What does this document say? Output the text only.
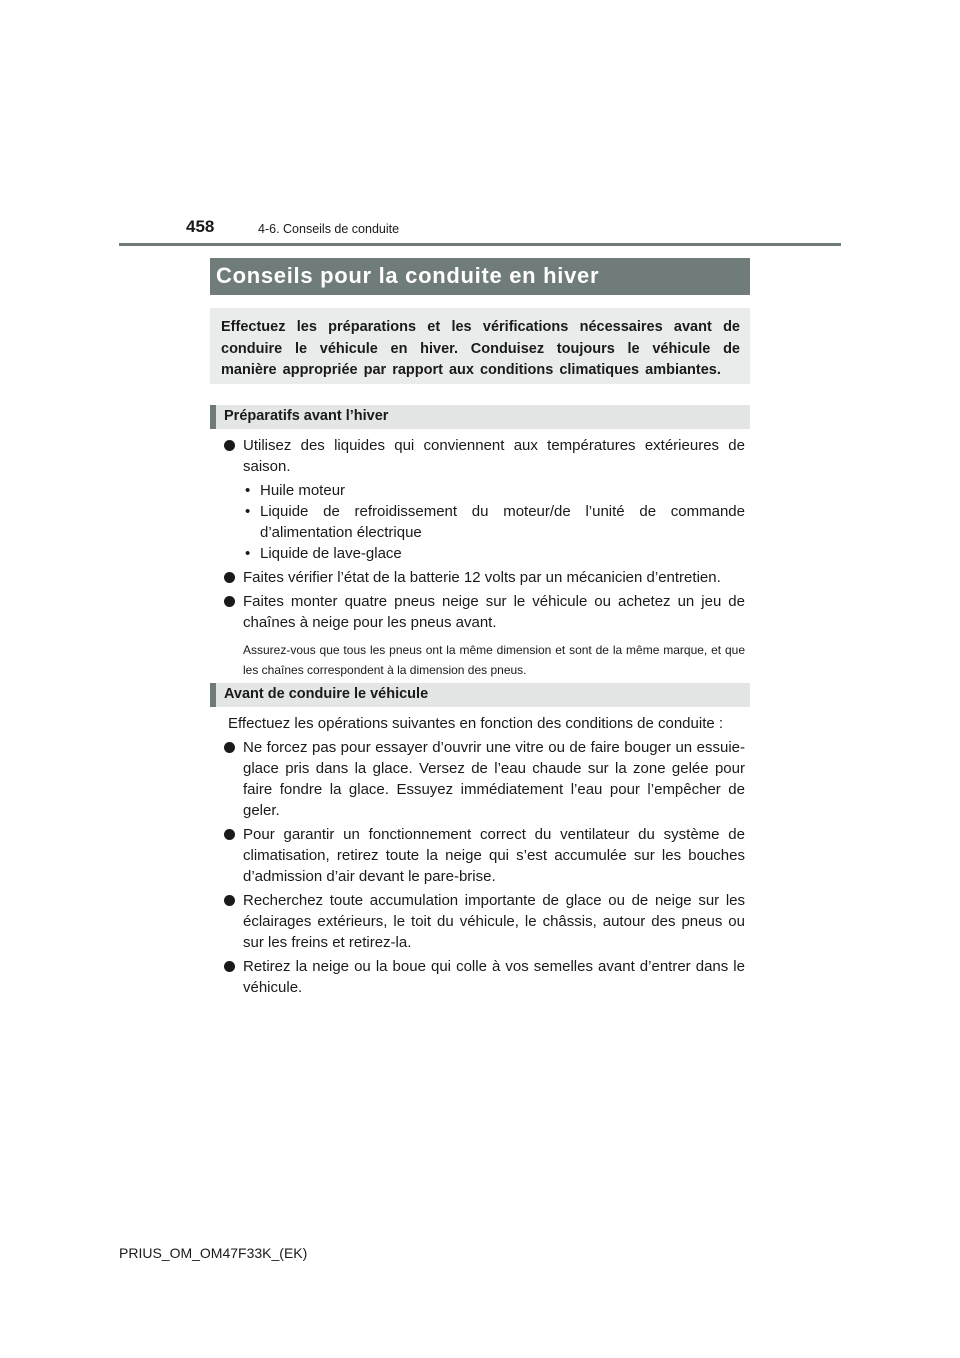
458	4-6. Conseils de conduite
Conseils pour la conduite en hiver
Effectuez les préparations et les vérifications nécessaires avant de conduire le véhicule en hiver. Conduisez toujours le véhicule de manière appropriée par rapport aux conditions climatiques ambiantes.
Préparatifs avant l’hiver
Utilisez des liquides qui conviennent aux températures extérieures de saison.
• Huile moteur
• Liquide de refroidissement du moteur/de l’unité de commande d’alimentation électrique
• Liquide de lave-glace
Faites vérifier l’état de la batterie 12 volts par un mécanicien d’entretien.
Faites monter quatre pneus neige sur le véhicule ou achetez un jeu de chaînes à neige pour les pneus avant.
Assurez-vous que tous les pneus ont la même dimension et sont de la même marque, et que les chaînes correspondent à la dimension des pneus.
Avant de conduire le véhicule
Effectuez les opérations suivantes en fonction des conditions de conduite :
Ne forcez pas pour essayer d’ouvrir une vitre ou de faire bouger un essuie-glace pris dans la glace. Versez de l’eau chaude sur la zone gelée pour faire fondre la glace. Essuyez immédiatement l’eau pour l’empêcher de geler.
Pour garantir un fonctionnement correct du ventilateur du système de climatisation, retirez toute la neige qui s’est accumulée sur les bouches d’admission d’air devant le pare-brise.
Recherchez toute accumulation importante de glace ou de neige sur les éclairages extérieurs, le toit du véhicule, le châssis, autour des pneus ou sur les freins et retirez-la.
Retirez la neige ou la boue qui colle à vos semelles avant d’entrer dans le véhicule.
PRIUS_OM_OM47F33K_(EK)
